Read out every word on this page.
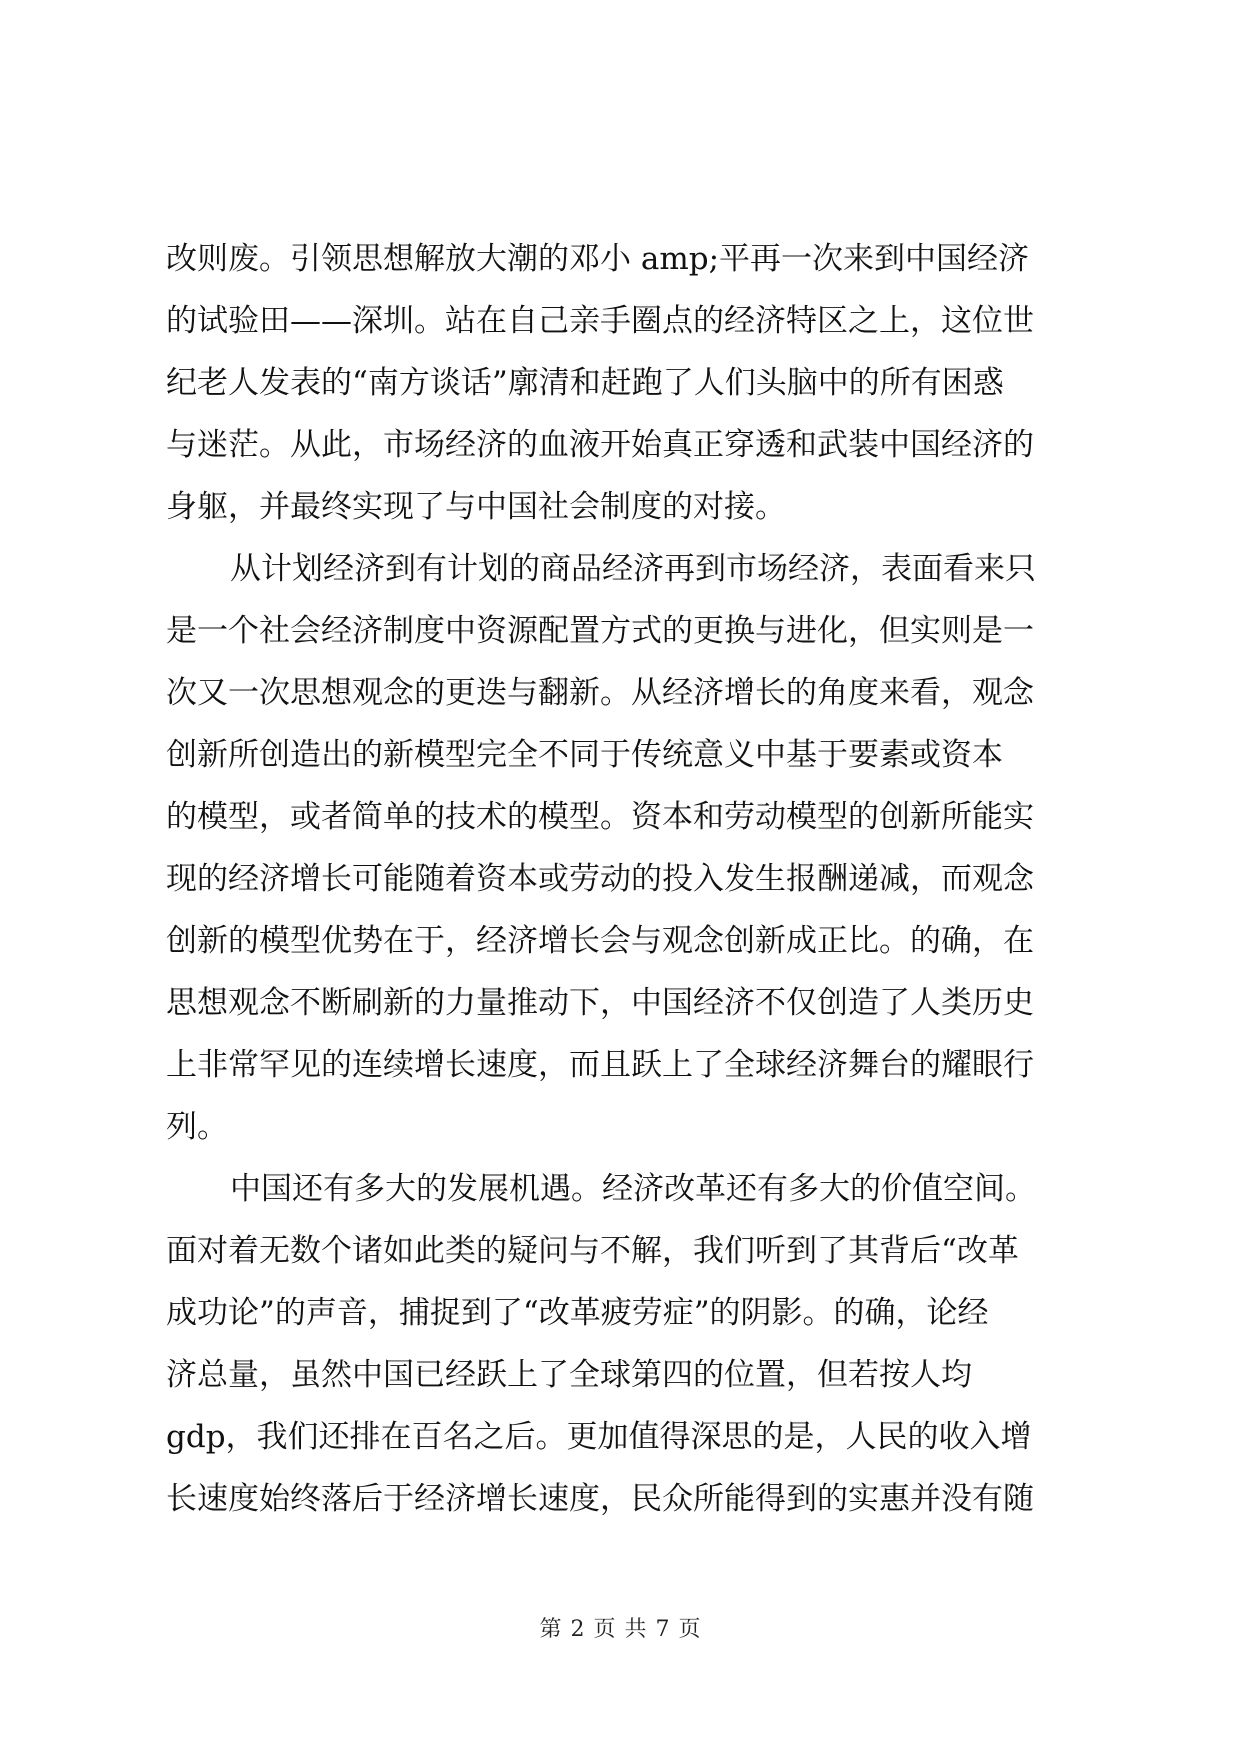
改则废。引领思想解放大潮的邓小 amp;平再一次来到中国经济
的试验田——深圳。站在自己亲手圈点的经济特区之上，这位世
纪老人发表的“南方谈话”廓清和赶跑了人们头脑中的所有困惑
与迷茫。从此，市场经济的血液开始真正穿透和武装中国经济的
身躯，并最终实现了与中国社会制度的对接。
从计划经济到有计划的商品经济再到市场经济，表面看来只
是一个社会经济制度中资源配置方式的更换与进化，但实则是一
次又一次思想观念的更迭与翻新。从经济增长的角度来看，观念
创新所创造出的新模型完全不同于传统意义中基于要素或资本
的模型，或者简单的技术的模型。资本和劳动模型的创新所能实
现的经济增长可能随着资本或劳动的投入发生报酬递减，而观念
创新的模型优势在于，经济增长会与观念创新成正比。的确，在
思想观念不断刷新的力量推动下，中国经济不仅创造了人类历史
上非常罕见的连续增长速度，而且跃上了全球经济舞台的耀眼行
列。
中国还有多大的发展机遇。经济改革还有多大的价值空间。
面对着无数个诸如此类的疑问与不解，我们听到了其背后“改革
成功论”的声音，捕捉到了“改革疲劳症”的阴影。的确，论经
济总量，虽然中国已经跃上了全球第四的位置，但若按人均
gdp，我们还排在百名之后。更加值得深思的是，人民的收入增
长速度始终落后于经济增长速度，民众所能得到的实惠并没有随
第 2 页 共 7 页
